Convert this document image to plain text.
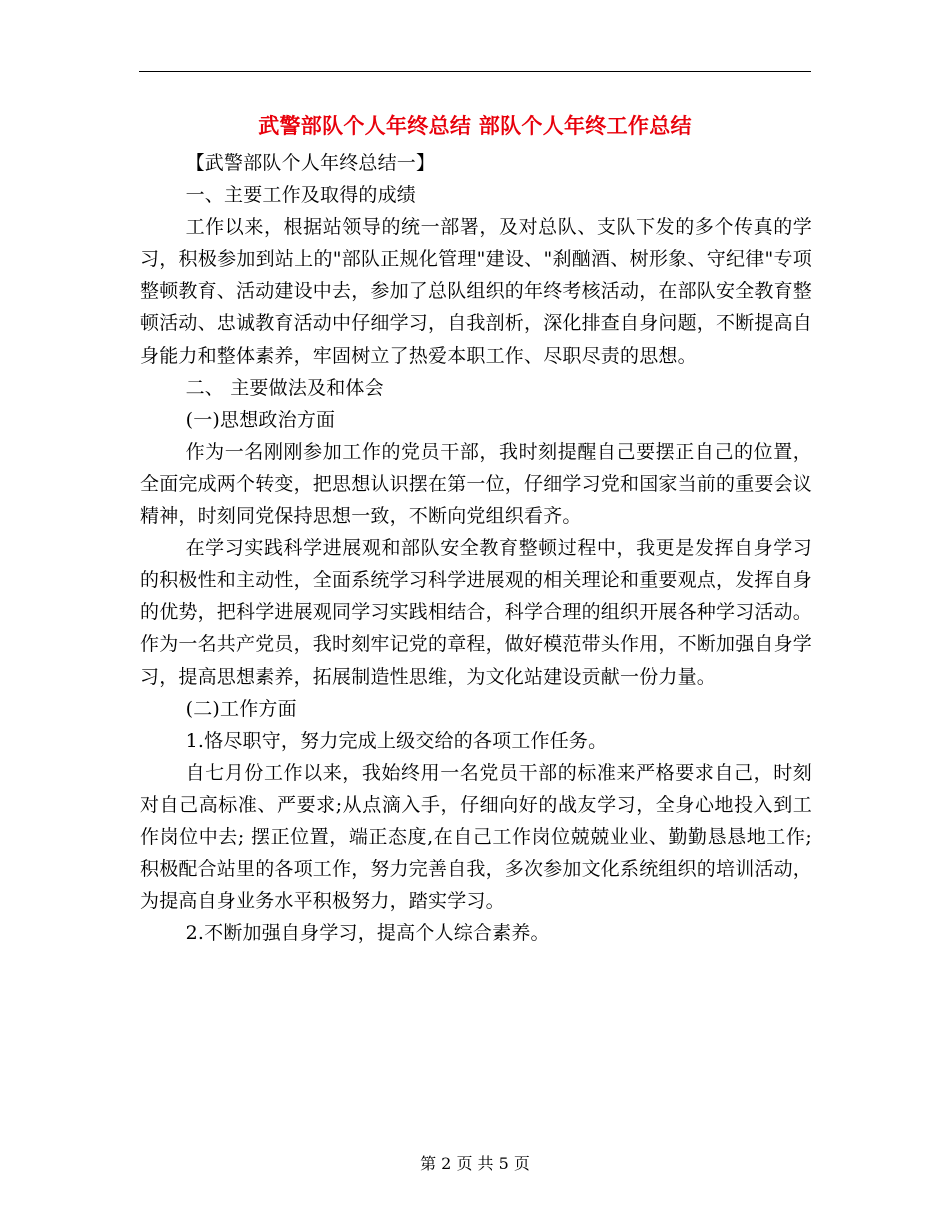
武警部队个人年终总结 部队个人年终工作总结

【武警部队个人年终总结一】

一、主要工作及取得的成绩

工作以来，根据站领导的统一部署，及对总队、支队下发的多个传真的学习，积极参加到站上的"部队正规化管理"建设、"刹酗酒、树形象、守纪律"专项整顿教育、活动建设中去，参加了总队组织的年终考核活动，在部队安全教育整顿活动、忠诚教育活动中仔细学习，自我剖析，深化排查自身问题，不断提高自身能力和整体素养，牢固树立了热爱本职工作、尽职尽责的思想。

二、 主要做法及和体会

(一)思想政治方面

作为一名刚刚参加工作的党员干部，我时刻提醒自己要摆正自己的位置，全面完成两个转变，把思想认识摆在第一位，仔细学习党和国家当前的重要会议精神，时刻同党保持思想一致，不断向党组织看齐。

在学习实践科学进展观和部队安全教育整顿过程中，我更是发挥自身学习的积极性和主动性，全面系统学习科学进展观的相关理论和重要观点，发挥自身的优势，把科学进展观同学习实践相结合，科学合理的组织开展各种学习活动。作为一名共产党员，我时刻牢记党的章程，做好模范带头作用，不断加强自身学习，提高思想素养，拓展制造性思维，为文化站建设贡献一份力量。

(二)工作方面

1.恪尽职守，努力完成上级交给的各项工作任务。

自七月份工作以来，我始终用一名党员干部的标准来严格要求自己，时刻对自己高标准、严要求;从点滴入手，仔细向好的战友学习，全身心地投入到工作岗位中去; 摆正位置，端正态度,在自己工作岗位兢兢业业、勤勤恳恳地工作;积极配合站里的各项工作，努力完善自我，多次参加文化系统组织的培训活动，为提高自身业务水平积极努力，踏实学习。

2.不断加强自身学习，提高个人综合素养。

第 2 页 共 5 页
